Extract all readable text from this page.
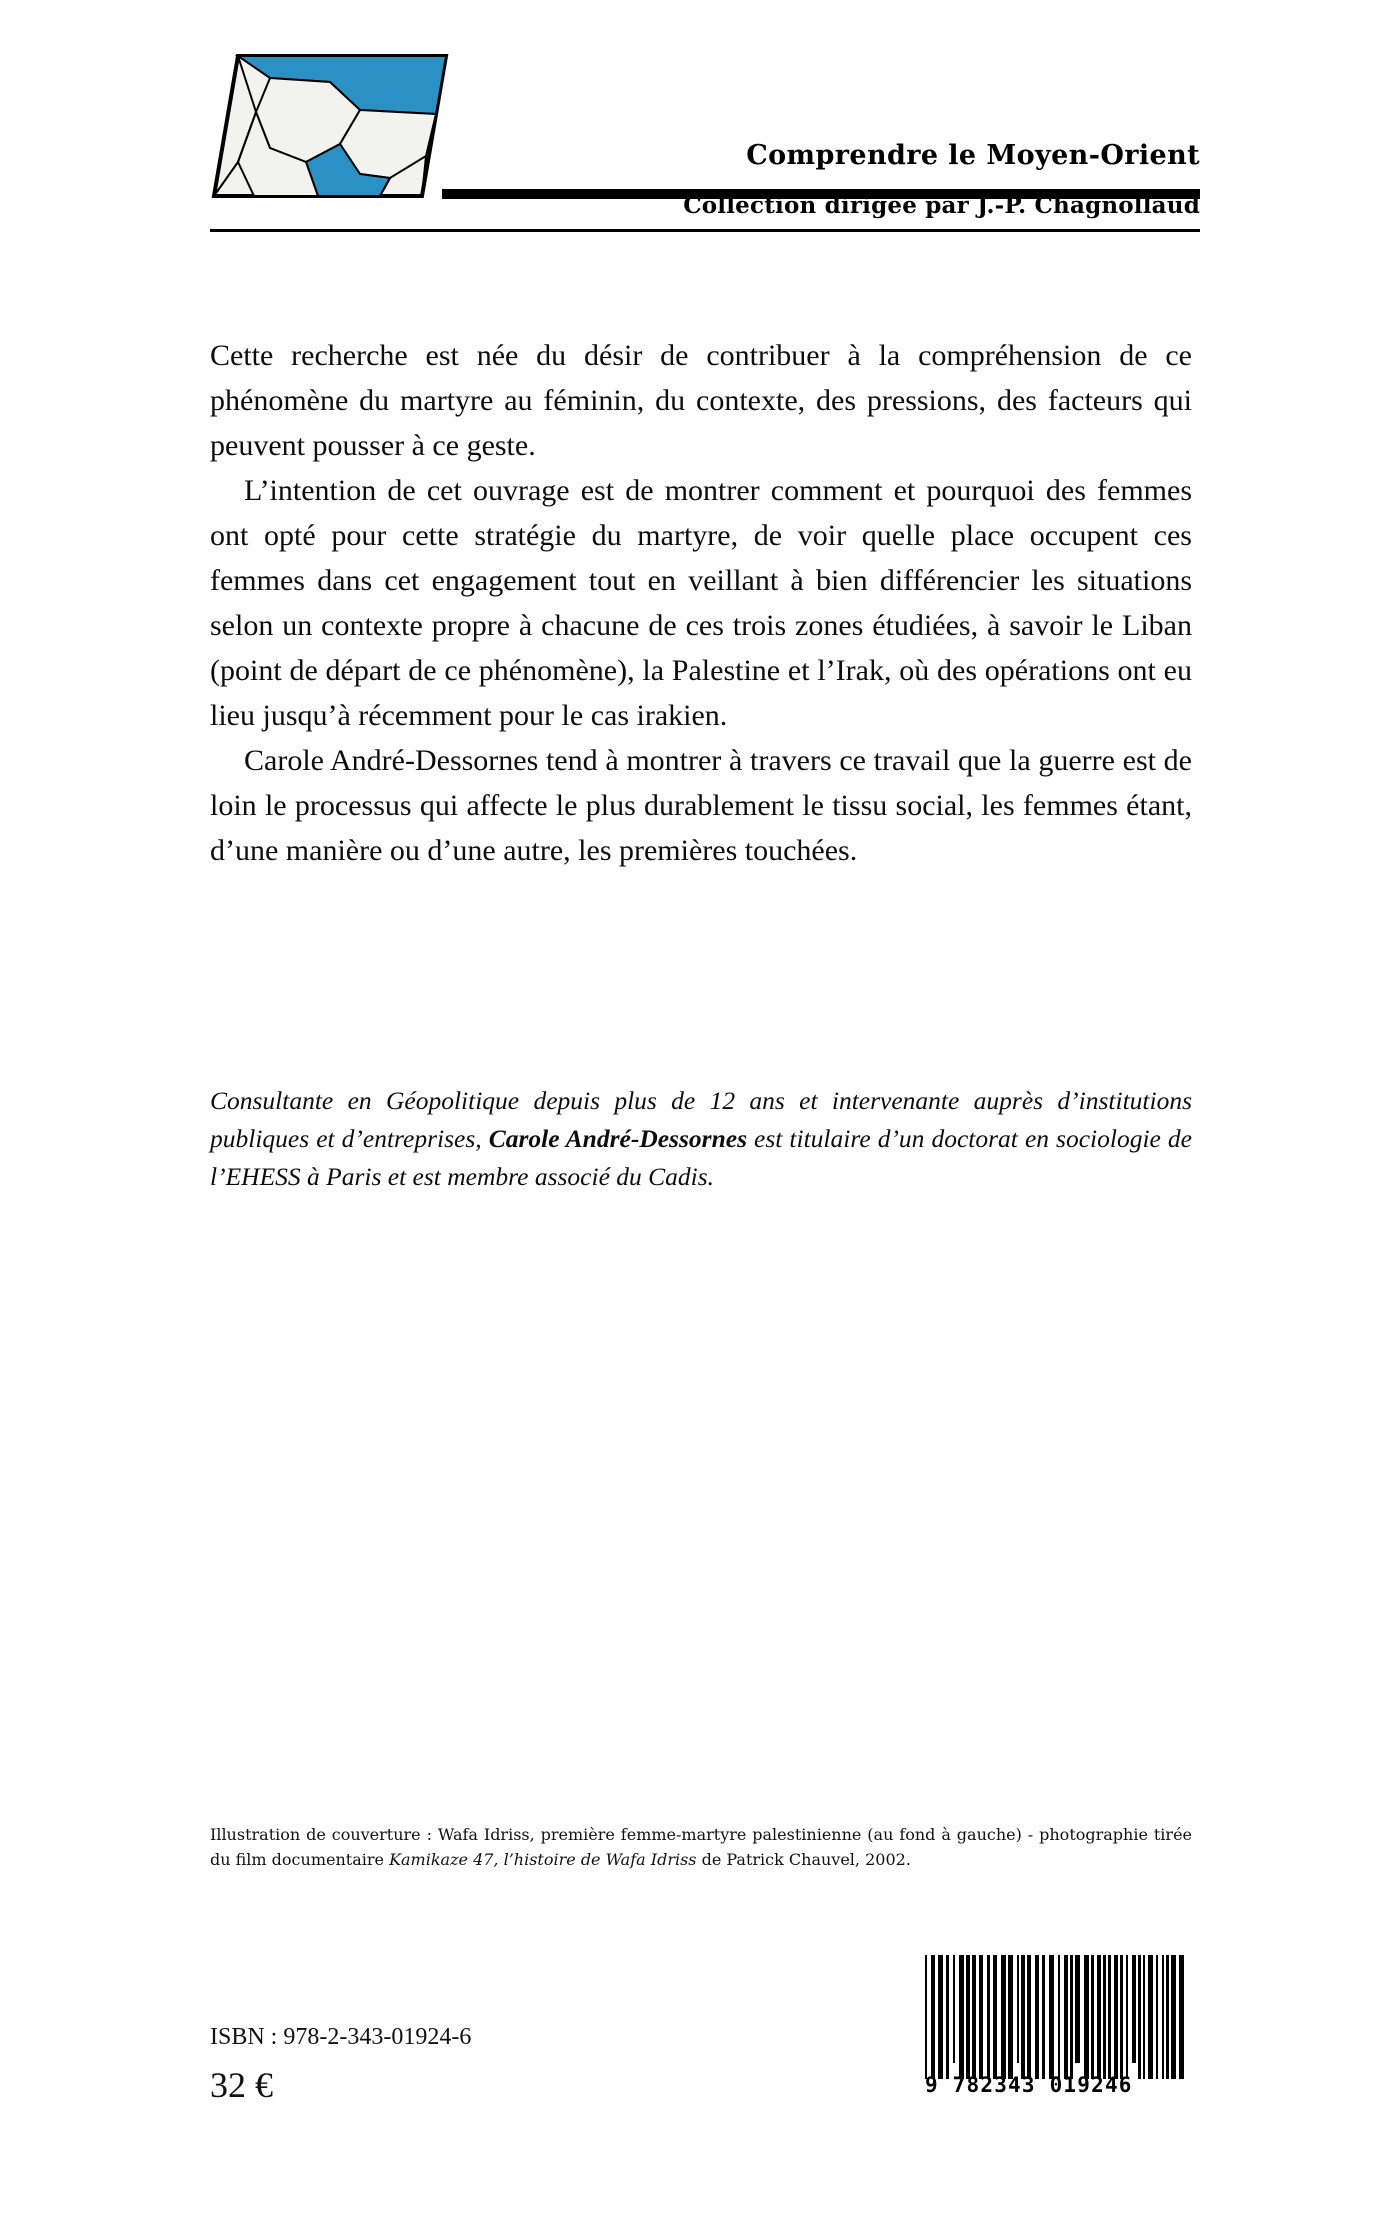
Comprendre le Moyen-Orient
Collection dirigée par J.-P. Chagnollaud

Cette recherche est née du désir de contribuer à la compréhension de ce phénomène du martyre au féminin, du contexte, des pressions, des facteurs qui peuvent pousser à ce geste.

L’intention de cet ouvrage est de montrer comment et pourquoi des femmes ont opté pour cette stratégie du martyre, de voir quelle place occupent ces femmes dans cet engagement tout en veillant à bien différencier les situations selon un contexte propre à chacune de ces trois zones étudiées, à savoir le Liban (point de départ de ce phénomène), la Palestine et l’Irak, où des opérations ont eu lieu jusqu’à récemment pour le cas irakien.

Carole André-Dessornes tend à montrer à travers ce travail que la guerre est de loin le processus qui affecte le plus durablement le tissu social, les femmes étant, d’une manière ou d’une autre, les premières touchées.

Consultante en Géopolitique depuis plus de 12 ans et intervenante auprès d’institutions publiques et d’entreprises, Carole André-Dessornes est titulaire d’un doctorat en sociologie de l’EHESS à Paris et est membre associé du Cadis.
Illustration de couverture : Wafa Idriss, première femme-martyre palestinienne (au fond à gauche) - photographie tirée du film documentaire Kamikaze 47, l’histoire de Wafa Idriss de Patrick Chauvel, 2002.
ISBN : 978-2-343-01924-6
32 €	9 782343 019246
